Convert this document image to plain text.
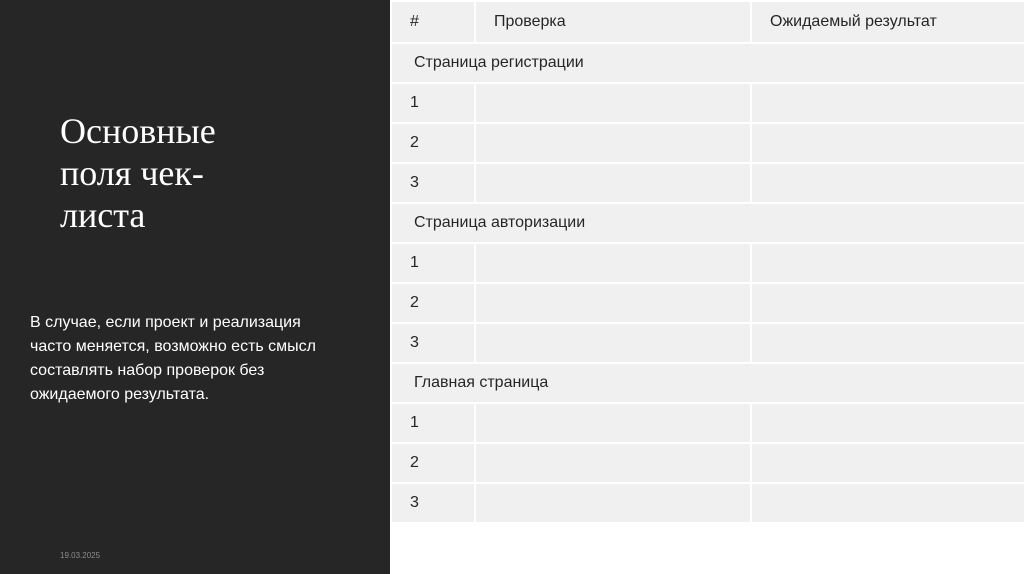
Основные
поля чек-
листа

В случае, если проект и реализация
часто меняется, возможно есть смысл
составлять набор проверок без
ожидаемого результата.

19.03.2025
#	Проверка	Ожидаемый результат
Страница регистрации		
1		
2		
3		
Страница авторизации		
1		
2		
3		
Главная страница		
1		
2		
3		
